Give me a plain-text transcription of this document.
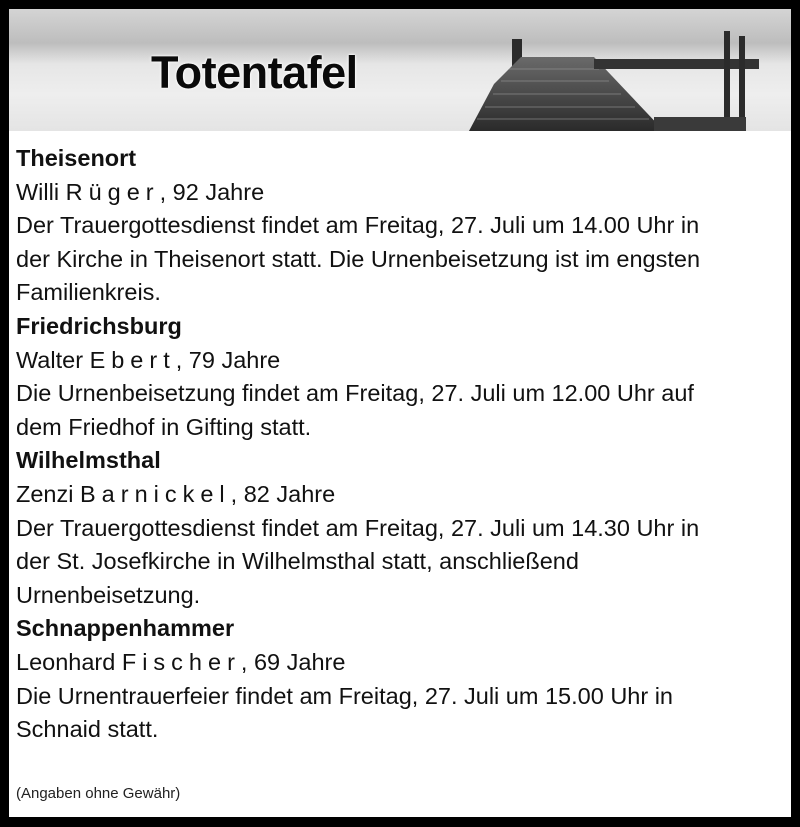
Totentafel
Theisenort
Willi Rüger, 92 Jahre
Der Trauergottesdienst findet am Freitag, 27. Juli um 14.00 Uhr in
der Kirche in Theisenort statt. Die Urnenbeisetzung ist im engsten
Familienkreis.
Friedrichsburg
Walter Ebert, 79 Jahre
Die Urnenbeisetzung findet am Freitag, 27. Juli um 12.00 Uhr auf
dem Friedhof in Gifting statt.
Wilhelmsthal
Zenzi Barnickel, 82 Jahre
Der Trauergottesdienst findet am Freitag, 27. Juli um 14.30 Uhr in
der St. Josefkirche in Wilhelmsthal statt, anschließend
Urnenbeisetzung.
Schnappenhammer
Leonhard Fischer, 69 Jahre
Die Urnentrauerfeier findet am Freitag, 27. Juli um 15.00 Uhr in
Schnaid statt.
(Angaben ohne Gewähr)
